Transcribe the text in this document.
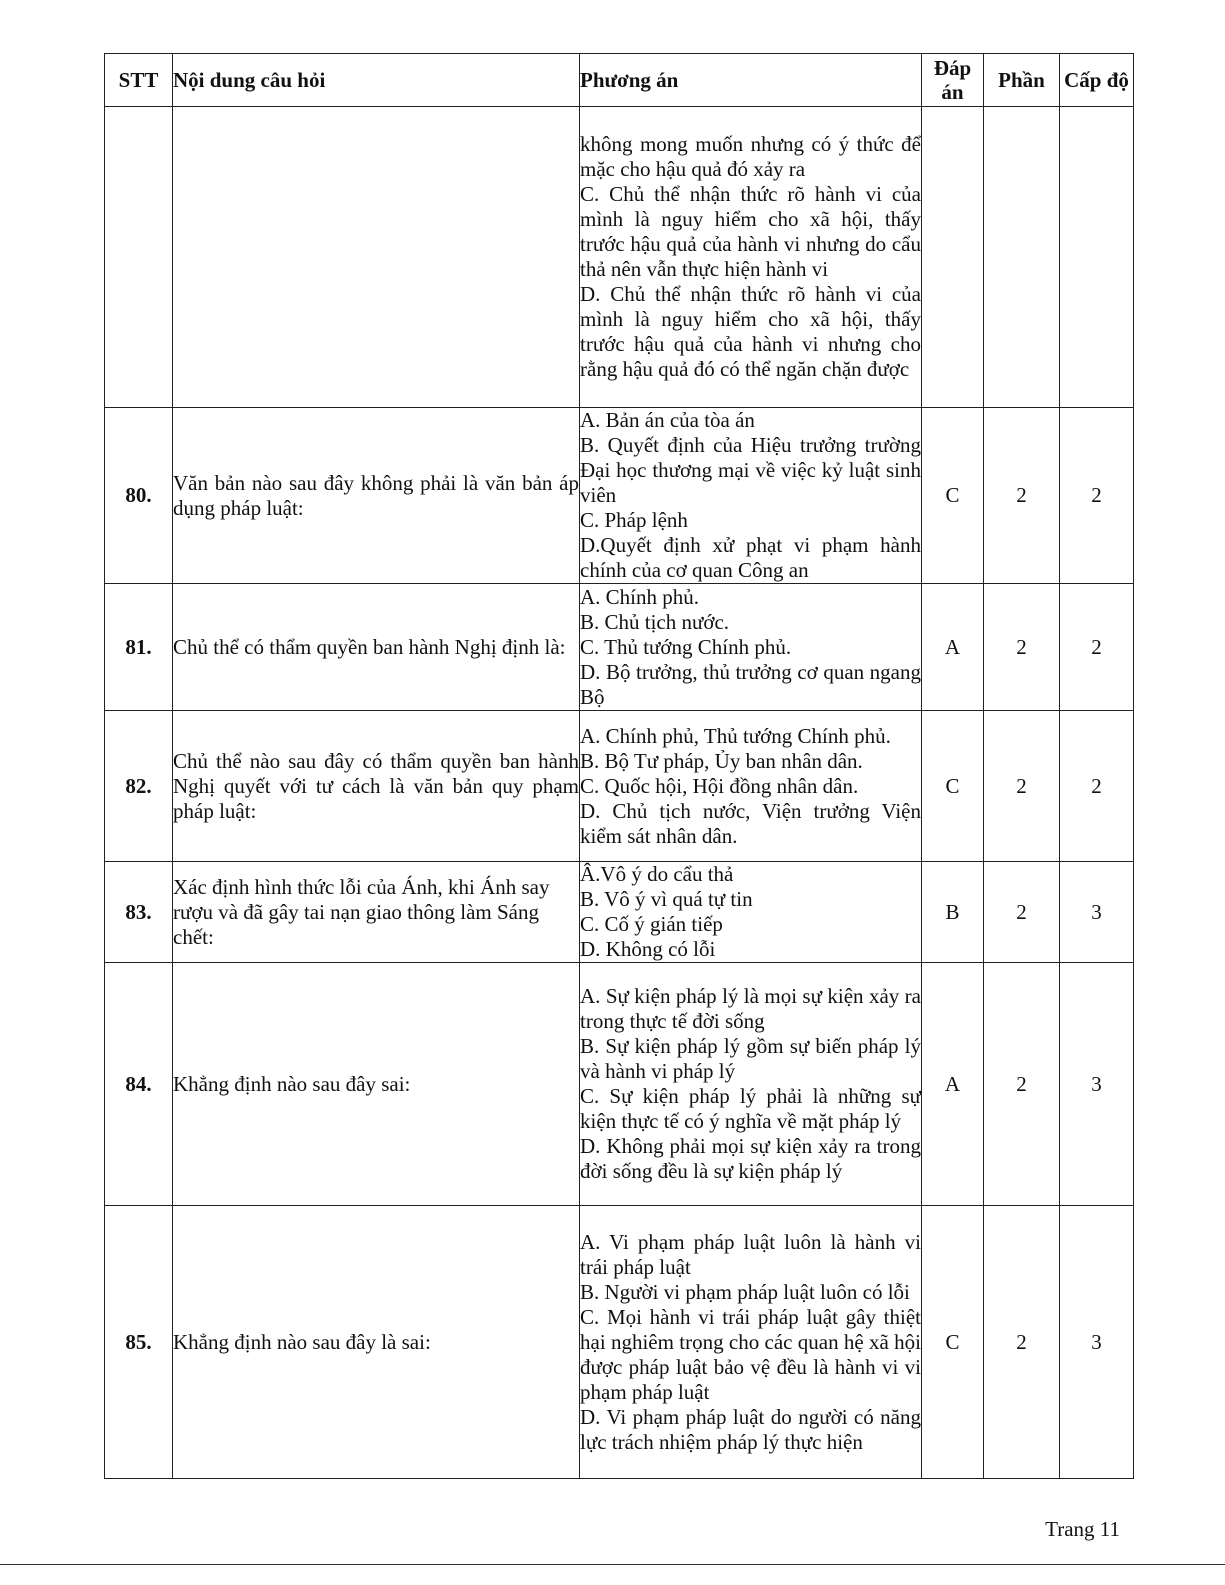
STT	Nội dung câu hỏi	Phương án	Đáp án	Phần	Cấp độ

		không mong muốn nhưng có ý thức để mặc cho hậu quả đó xảy ra
C. Chủ thể nhận thức rõ hành vi của mình là nguy hiểm cho xã hội, thấy trước hậu quả của hành vi nhưng do cẩu thả nên vẫn thực hiện hành vi
D. Chủ thể nhận thức rõ hành vi của mình là nguy hiểm cho xã hội, thấy trước hậu quả của hành vi nhưng cho rằng hậu quả đó có thể ngăn chặn được			

80.	Văn bản nào sau đây không phải là văn bản áp dụng pháp luật:	A. Bản án của tòa án
B. Quyết định của Hiệu trưởng trường Đại học thương mại về việc kỷ luật sinh viên
C. Pháp lệnh
D.Quyết định xử phạt vi phạm hành chính của cơ quan Công an	C	2	2
81.	Chủ thể có thẩm quyền ban hành Nghị định là:	A. Chính phủ.
B. Chủ tịch nước.
C. Thủ tướng Chính phủ.
D. Bộ trưởng, thủ trưởng cơ quan ngang Bộ	A	2	2
82.	Chủ thể nào sau đây có thẩm quyền ban hành Nghị quyết với tư cách là văn bản quy phạm pháp luật:	A. Chính phủ, Thủ tướng Chính phủ.
B. Bộ Tư pháp, Ủy ban nhân dân.
C. Quốc hội, Hội đồng nhân dân.
D. Chủ tịch nước, Viện trưởng Viện kiểm sát nhân dân.	C	2	2
83.	Xác định hình thức lỗi của Ánh, khi Ánh say rượu và đã gây tai nạn giao thông làm Sáng chết:	Â.Vô ý do cẩu thả
B. Vô ý vì quá tự tin
C. Cố ý gián tiếp
D. Không có lỗi	B	2	3
84.	Khẳng định nào sau đây sai:	A. Sự kiện pháp lý là mọi sự kiện xảy ra trong thực tế đời sống
B. Sự kiện pháp lý gồm sự biến pháp lý và hành vi pháp lý
C. Sự kiện pháp lý phải là những sự kiện thực tế có ý nghĩa về mặt pháp lý
D. Không phải mọi sự kiện xảy ra trong đời sống đều là sự kiện pháp lý	A	2	3
85.	Khẳng định nào sau đây là sai:	A. Vi phạm pháp luật luôn là hành vi trái pháp luật
B. Người vi phạm pháp luật luôn có lỗi
C. Mọi hành vi trái pháp luật gây thiệt hại nghiêm trọng cho các quan hệ xã hội được pháp luật bảo vệ đều là hành vi vi phạm pháp luật
D. Vi phạm pháp luật do người có năng lực trách nhiệm pháp lý thực hiện	C	2	3
Trang 11
